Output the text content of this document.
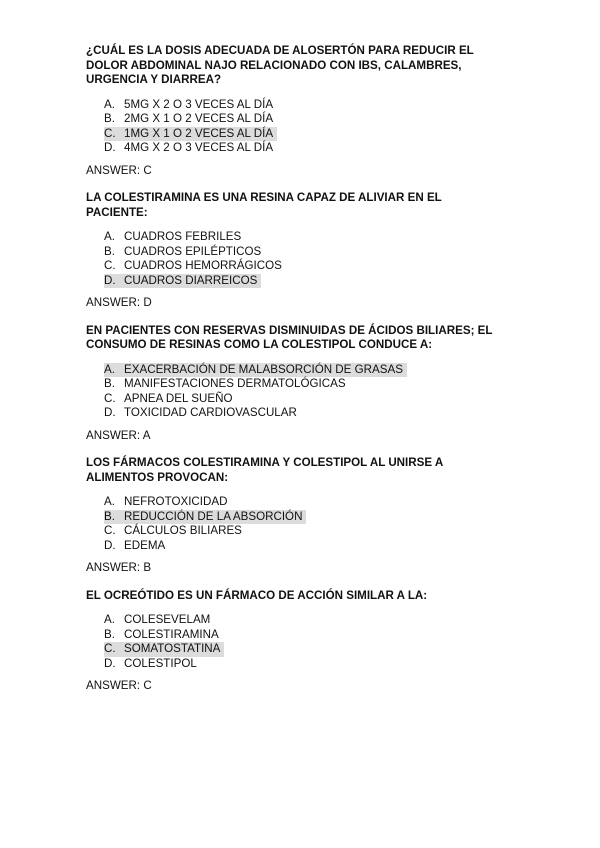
¿CUÁL ES LA DOSIS ADECUADA DE ALOSERTÓN PARA REDUCIR EL
DOLOR ABDOMINAL NAJO RELACIONADO CON IBS, CALAMBRES,
URGENCIA Y DIARREA?
A. 5MG X 2 O 3 VECES AL DÍA
B. 2MG X 1 O 2 VECES AL DÍA
C. 1MG X 1 O 2 VECES AL DÍA
D. 4MG X 2 O 3 VECES AL DÍA
ANSWER: C
LA COLESTIRAMINA ES UNA RESINA CAPAZ DE ALIVIAR EN EL
PACIENTE:
A. CUADROS FEBRILES
B. CUADROS EPILÉPTICOS
C. CUADROS HEMORRÁGICOS
D. CUADROS DIARREICOS
ANSWER: D
EN PACIENTES CON RESERVAS DISMINUIDAS DE ÁCIDOS BILIARES; EL
CONSUMO DE RESINAS COMO LA COLESTIPOL CONDUCE A:
A. EXACERBACIÓN DE MALABSORCIÓN DE GRASAS
B. MANIFESTACIONES DERMATOLÓGICAS
C. APNEA DEL SUEÑO
D. TOXICIDAD CARDIOVASCULAR
ANSWER: A
LOS FÁRMACOS COLESTIRAMINA Y COLESTIPOL AL UNIRSE A
ALIMENTOS PROVOCAN:
A. NEFROTOXICIDAD
B. REDUCCIÓN DE LA ABSORCIÓN
C. CÁLCULOS BILIARES
D. EDEMA
ANSWER: B
EL OCREÓTIDO ES UN FÁRMACO DE ACCIÓN SIMILAR A LA:
A. COLESEVELAM
B. COLESTIRAMINA
C. SOMATOSTATINA
D. COLESTIPOL
ANSWER: C
